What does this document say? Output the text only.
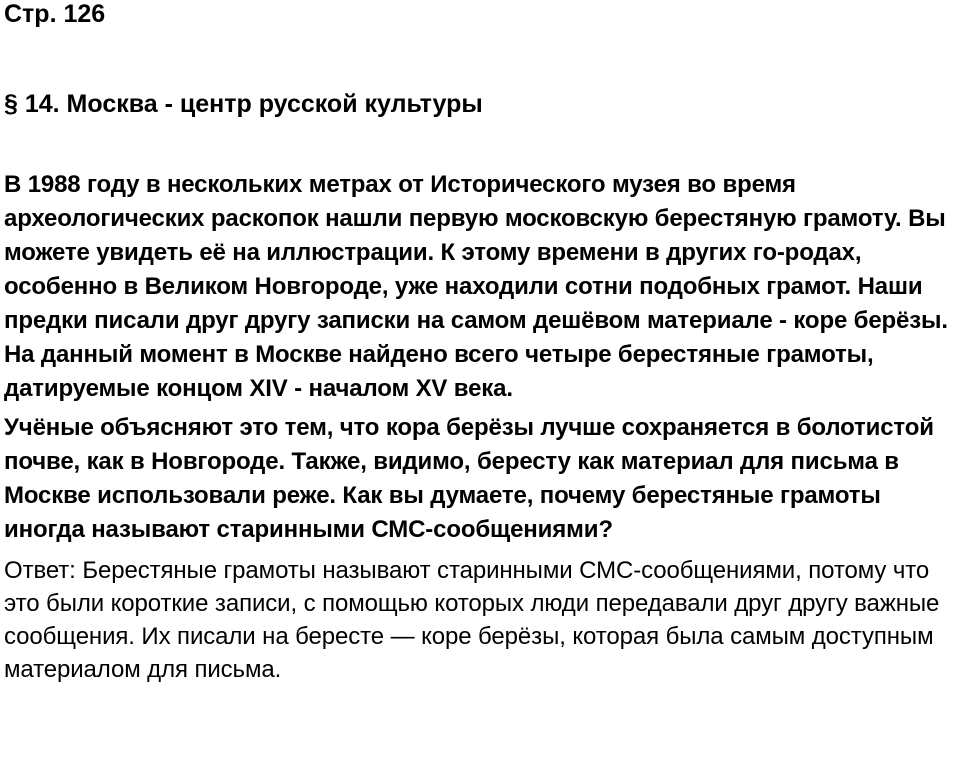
Стр. 126
§ 14. Москва - центр русской культуры

В 1988 году в нескольких метрах от Исторического музея во время археологических раскопок нашли первую московскую берестяную грамоту. Вы можете увидеть её на иллюстрации. К этому времени в других го-родах, особенно в Великом Новгороде, уже находили сотни подобных грамот. Наши предки писали друг другу записки на самом дешёвом материале - коре берёзы. На данный момент в Москве найдено всего четыре берестяные грамоты, датируемые концом XIV - началом XV века.

Учёные объясняют это тем, что кора берёзы лучше сохраняется в болотистой почве, как в Новгороде. Также, видимо, бересту как материал для письма в Москве использовали реже. Как вы думаете, почему берестяные грамоты иногда называют старинными СМС-сообщениями?

Ответ: Берестяные грамоты называют старинными СМС-сообщениями, потому что это были короткие записи, с помощью которых люди передавали друг другу важные сообщения. Их писали на бересте — коре берёзы, которая была самым доступным материалом для письма.
